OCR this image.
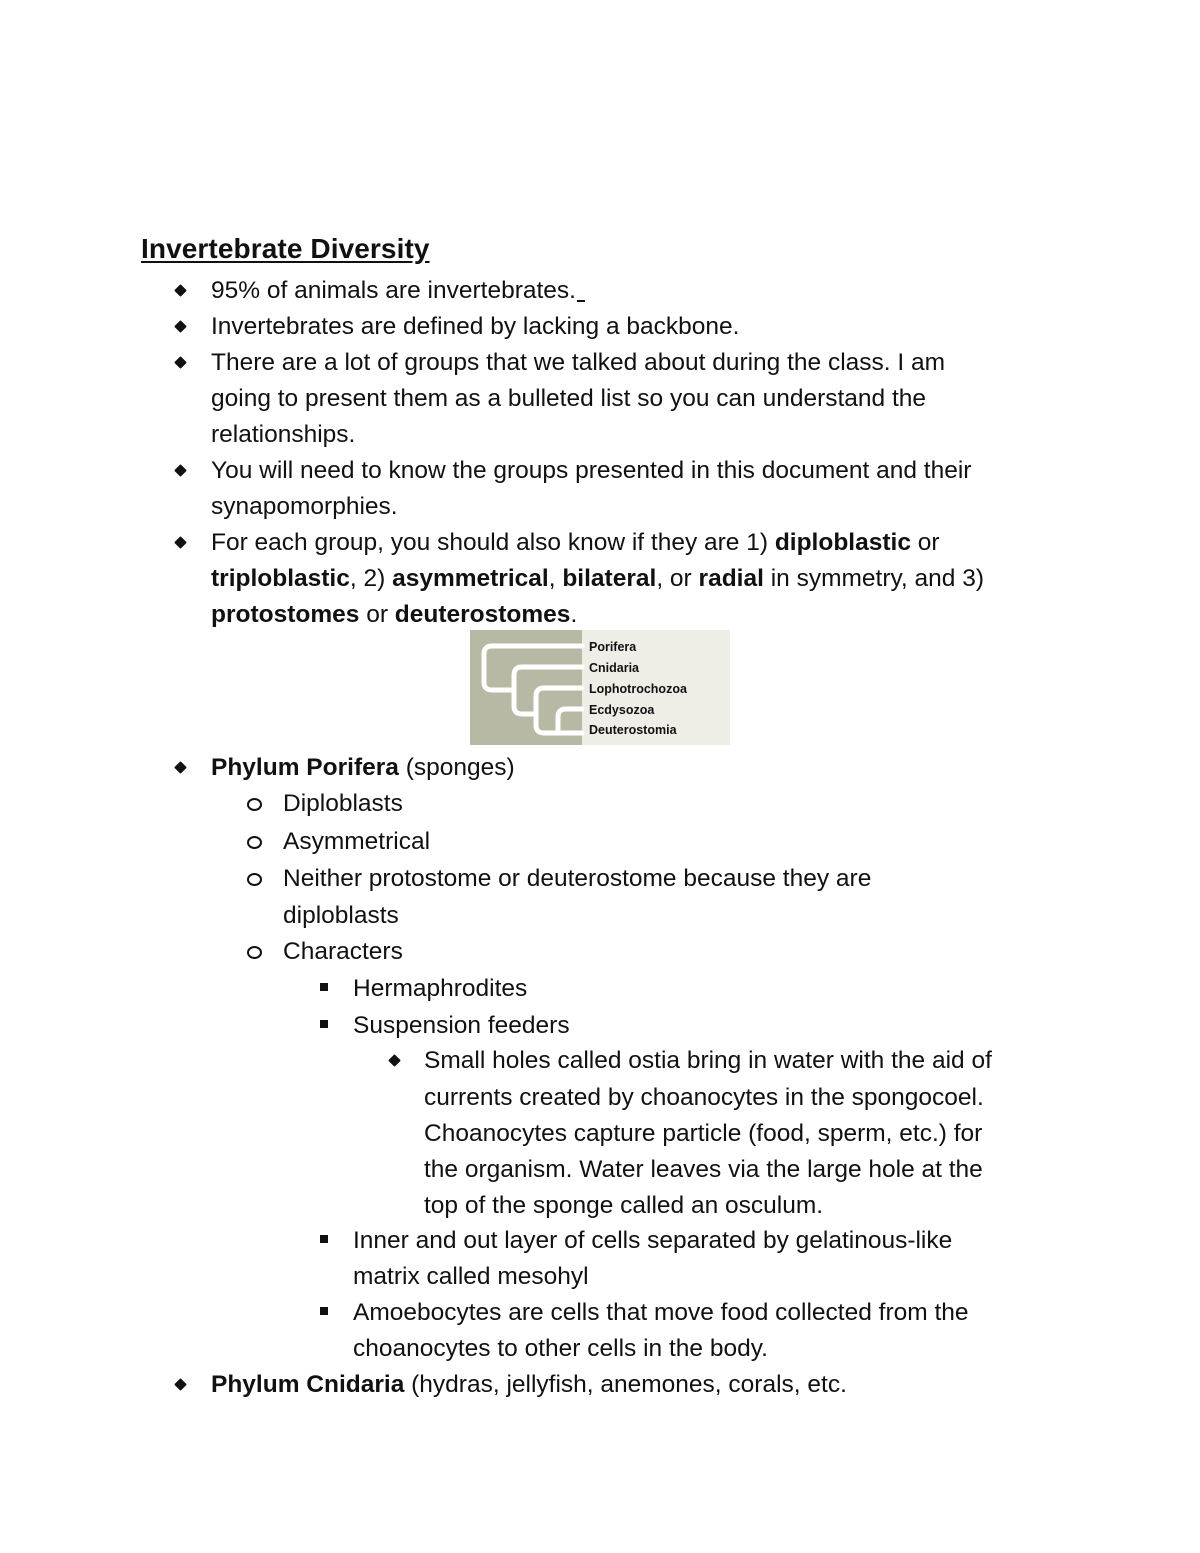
Invertebrate Diversity
95% of animals are invertebrates.
Invertebrates are defined by lacking a backbone.
There are a lot of groups that we talked about during the class. I am
going to present them as a bulleted list so you can understand the
relationships.
You will need to know the groups presented in this document and their
synapomorphies.
For each group, you should also know if they are 1) diploblastic or
triploblastic, 2) asymmetrical, bilateral, or radial in symmetry, and 3)
protostomes or deuterostomes.
Porifera
Cnidaria
Lophotrochozoa
Ecdysozoa
Deuterostomia
Phylum Porifera (sponges)
Diploblasts
Asymmetrical
Neither protostome or deuterostome because they are
diploblasts
Characters
Hermaphrodites
Suspension feeders
Small holes called ostia bring in water with the aid of
currents created by choanocytes in the spongocoel.
Choanocytes capture particle (food, sperm, etc.) for
the organism. Water leaves via the large hole at the
top of the sponge called an osculum.
Inner and out layer of cells separated by gelatinous-like
matrix called mesohyl
Amoebocytes are cells that move food collected from the
choanocytes to other cells in the body.
Phylum Cnidaria (hydras, jellyfish, anemones, corals, etc.
